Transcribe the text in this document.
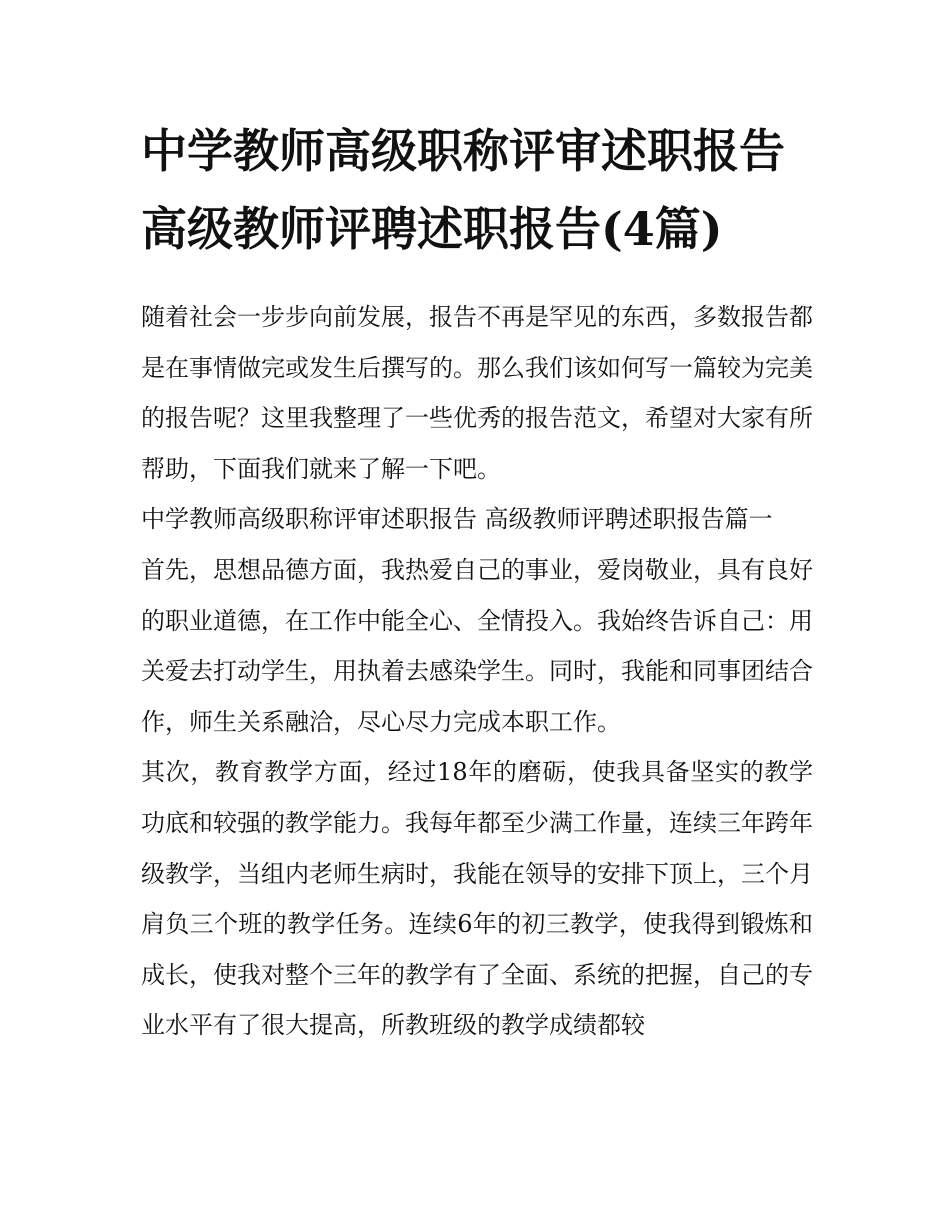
中学教师高级职称评审述职报告 高级教师评聘述职报告(4篇)

随着社会一步步向前发展，报告不再是罕见的东西，多数报告都是在事情做完或发生后撰写的。那么我们该如何写一篇较为完美的报告呢？这里我整理了一些优秀的报告范文，希望对大家有所帮助，下面我们就来了解一下吧。

中学教师高级职称评审述职报告 高级教师评聘述职报告篇一

首先，思想品德方面，我热爱自己的事业，爱岗敬业，具有良好的职业道德，在工作中能全心、全情投入。我始终告诉自己：用关爱去打动学生，用执着去感染学生。同时，我能和同事团结合作，师生关系融洽，尽心尽力完成本职工作。

其次，教育教学方面，经过18年的磨砺，使我具备坚实的教学功底和较强的教学能力。我每年都至少满工作量，连续三年跨年级教学，当组内老师生病时，我能在领导的安排下顶上，三个月肩负三个班的教学任务。连续6年的初三教学，使我得到锻炼和成长，使我对整个三年的教学有了全面、系统的把握，自己的专业水平有了很大提高，所教班级的教学成绩都较
